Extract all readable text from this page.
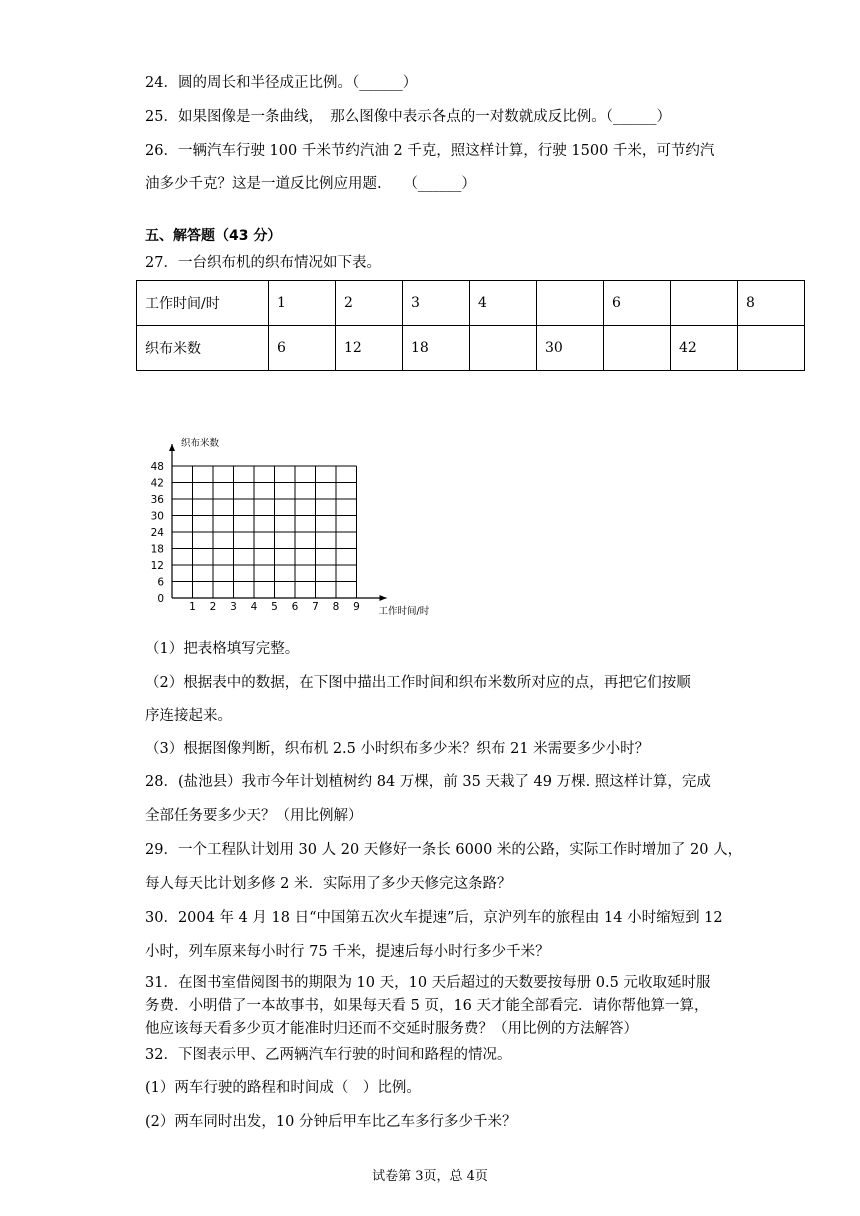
24．圆的周长和半径成正比例。（______）
25．如果图像是一条曲线，　那么图像中表示各点的一对数就成反比例。（______）
26．一辆汽车行驶 100 千米节约汽油 2 千克，照这样计算，行驶 1500 千米，可节约汽
油多少千克？这是一道反比例应用题.　　（______）
五、解答题（43 分）
27．一台织布机的织布情况如下表。
工作时间/时	1	2	3	4		6		8
织布米数	6	12	18		30		42	
0
6
12
18
24
30
36
42
48
1 2 3 4 5 6 7 8 9
织布米数
工作时间/时
（1）把表格填写完整。
（2）根据表中的数据，在下图中描出工作时间和织布米数所对应的点，再把它们按顺
序连接起来。
（3）根据图像判断，织布机 2.5 小时织布多少米？织布 21 米需要多少小时？
28．(盐池县）我市今年计划植树约 84 万棵，前 35 天栽了 49 万棵. 照这样计算，完成
全部任务要多少天？（用比例解）
29．一个工程队计划用 30 人 20 天修好一条长 6000 米的公路，实际工作时增加了 20 人，
每人每天比计划多修 2 米．实际用了多少天修完这条路？
30．2004 年 4 月 18 日“中国第五次火车提速”后，京沪列车的旅程由 14 小时缩短到 12
小时，列车原来每小时行 75 千米，提速后每小时行多少千米？
31．在图书室借阅图书的期限为 10 天，10 天后超过的天数要按每册 0.5 元收取延时服
务费．小明借了一本故事书，如果每天看 5 页，16 天才能全部看完．请你帮他算一算，
他应该每天看多少页才能准时归还而不交延时服务费？（用比例的方法解答）
32．下图表示甲、乙两辆汽车行驶的时间和路程的情况。
(1）两车行驶的路程和时间成（　）比例。
(2）两车同时出发，10 分钟后甲车比乙车多行多少千米？
试卷第 3页，总 4页
